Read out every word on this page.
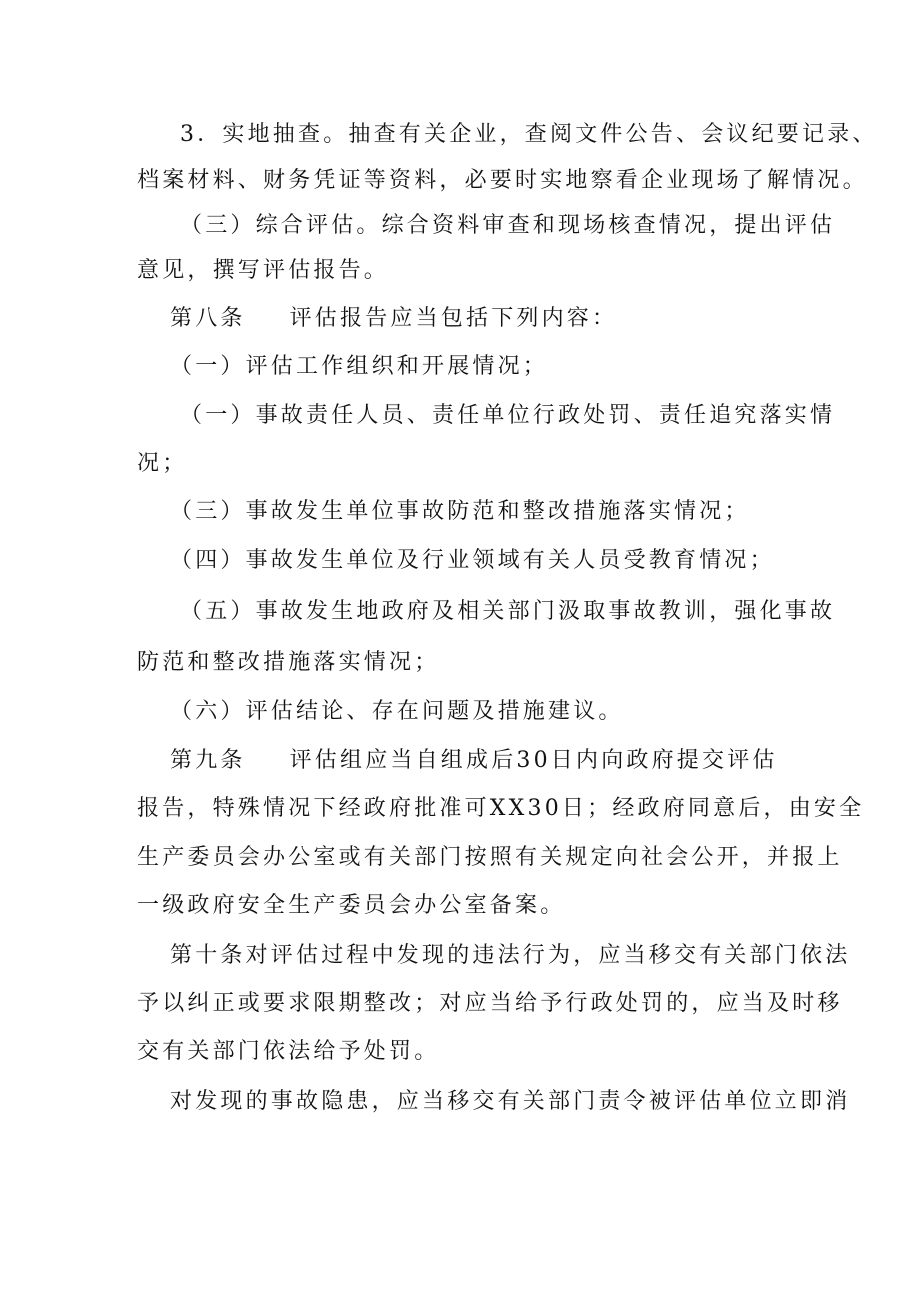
3．实地抽查。抽查有关企业，查阅文件公告、会议纪要记录、
档案材料、财务凭证等资料，必要时实地察看企业现场了解情况。
（三）综合评估。综合资料审查和现场核查情况，提出评估
意见，撰写评估报告。
第八条 评估报告应当包括下列内容：
（一）评估工作组织和开展情况；
（一）事故责任人员、责任单位行政处罚、责任追究落实情
况；
（三）事故发生单位事故防范和整改措施落实情况；
（四）事故发生单位及行业领域有关人员受教育情况；
（五）事故发生地政府及相关部门汲取事故教训，强化事故
防范和整改措施落实情况；
（六）评估结论、存在问题及措施建议。
第九条 评估组应当自组成后30日内向政府提交评估
报告，特殊情况下经政府批准可XX30日；经政府同意后，由安全
生产委员会办公室或有关部门按照有关规定向社会公开，并报上
一级政府安全生产委员会办公室备案。
第十条对评估过程中发现的违法行为，应当移交有关部门依法
予以纠正或要求限期整改；对应当给予行政处罚的，应当及时移
交有关部门依法给予处罚。
对发现的事故隐患，应当移交有关部门责令被评估单位立即消
